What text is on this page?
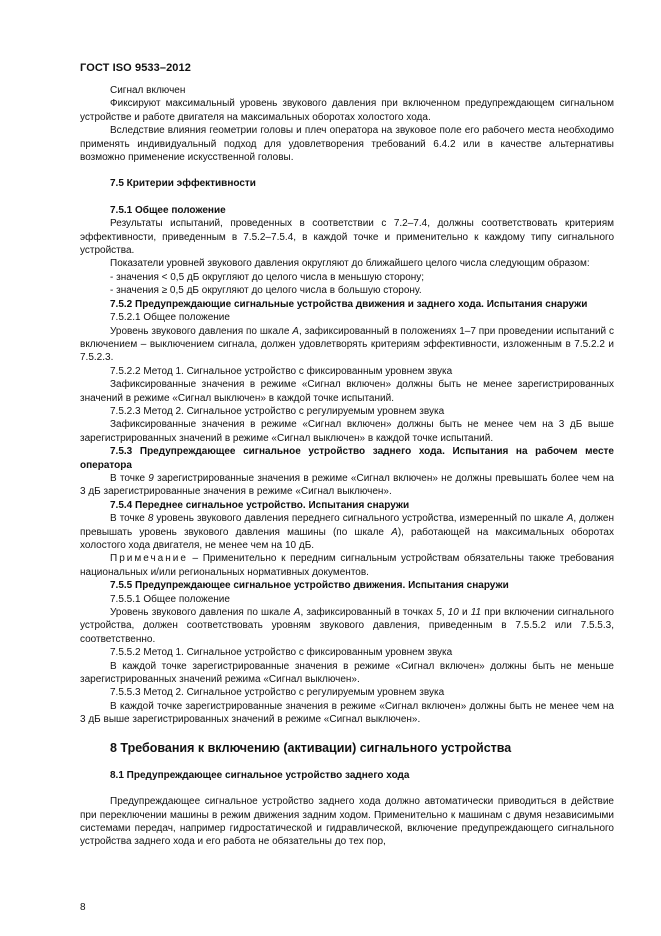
ГОСТ ISO 9533–2012

Сигнал включен

Фиксируют максимальный уровень звукового давления при включенном предупреждающем сигнальном устройстве и работе двигателя на максимальных оборотах холостого хода.

Вследствие влияния геометрии головы и плеч оператора на звуковое поле его рабочего места необходимо применять индивидуальный подход для удовлетворения требований 6.4.2 или в качестве альтернативы возможно применение искусственной головы.

7.5 Критерии эффективности

7.5.1 Общее положение

Результаты испытаний, проведенных в соответствии с 7.2–7.4, должны соответствовать критериям эффективности, приведенным в 7.5.2–7.5.4, в каждой точке и применительно к каждому типу сигнального устройства.

Показатели уровней звукового давления округляют до ближайшего целого числа следующим образом:

- значения < 0,5 дБ округляют до целого числа в меньшую сторону;

- значения ≥ 0,5 дБ округляют до целого числа в большую сторону.

7.5.2 Предупреждающие сигнальные устройства движения и заднего хода. Испытания снаружи

7.5.2.1 Общее положение

Уровень звукового давления по шкале А, зафиксированный в положениях 1–7 при проведении испытаний с включением – выключением сигнала, должен удовлетворять критериям эффективности, изложенным в 7.5.2.2 и 7.5.2.3.

7.5.2.2 Метод 1. Сигнальное устройство с фиксированным уровнем звука

Зафиксированные значения в режиме «Сигнал включен» должны быть не менее зарегистрированных значений в режиме «Сигнал выключен» в каждой точке испытаний.

7.5.2.3 Метод 2. Сигнальное устройство с регулируемым уровнем звука

Зафиксированные значения в режиме «Сигнал включен» должны быть не менее чем на 3 дБ выше зарегистрированных значений в режиме «Сигнал выключен» в каждой точке испытаний.

7.5.3 Предупреждающее сигнальное устройство заднего хода. Испытания на рабочем месте оператора

В точке 9 зарегистрированные значения в режиме «Сигнал включен» не должны превышать более чем на 3 дБ зарегистрированные значения в режиме «Сигнал выключен».

7.5.4 Переднее сигнальное устройство. Испытания снаружи

В точке 8 уровень звукового давления переднего сигнального устройства, измеренный по шкале А, должен превышать уровень звукового давления машины (по шкале А), работающей на максимальных оборотах холостого хода двигателя, не менее чем на 10 дБ.

Примечание – Применительно к передним сигнальным устройствам обязательны также требования национальных и/или региональных нормативных документов.

7.5.5 Предупреждающее сигнальное устройство движения. Испытания снаружи

7.5.5.1 Общее положение

Уровень звукового давления по шкале А, зафиксированный в точках 5, 10 и 11 при включении сигнального устройства, должен соответствовать уровням звукового давления, приведенным в 7.5.5.2 или 7.5.5.3, соответственно.

7.5.5.2 Метод 1. Сигнальное устройство с фиксированным уровнем звука

В каждой точке зарегистрированные значения в режиме «Сигнал включен» должны быть не меньше зарегистрированных значений режима «Сигнал выключен».

7.5.5.3 Метод 2. Сигнальное устройство с регулируемым уровнем звука

В каждой точке зарегистрированные значения в режиме «Сигнал включен» должны быть не менее чем на 3 дБ выше зарегистрированных значений в режиме «Сигнал выключен».

8 Требования к включению (активации) сигнального устройства

8.1 Предупреждающее сигнальное устройство заднего хода

Предупреждающее сигнальное устройство заднего хода должно автоматически приводиться в действие при переключении машины в режим движения задним ходом. Применительно к машинам с двумя независимыми системами передач, например гидростатической и гидравлической, включение предупреждающего сигнального устройства заднего хода и его работа не обязательны до тех пор,

8
